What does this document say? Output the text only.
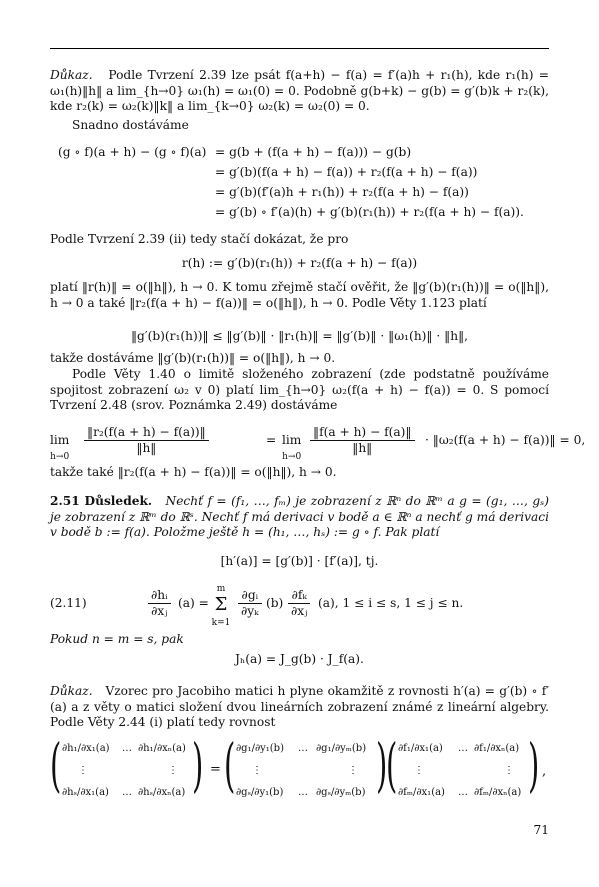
Důkaz. Podle Tvrzení 2.39 lze psát f(a+h) − f(a) = f′(a)h + r₁(h), kde r₁(h) = ω₁(h)‖h‖ a lim_{h→0} ω₁(h) = ω₁(0) = 0. Podobně g(b+k) − g(b) = g′(b)k + r₂(k), kde r₂(k) = ω₂(k)‖k‖ a lim_{k→0} ω₂(k) = ω₂(0) = 0.
Snadno dostáváme
(g ∘ f)(a + h) − (g ∘ f)(a) = g(b + (f(a + h) − f(a))) − g(b)
= g′(b)(f(a + h) − f(a)) + r₂(f(a + h) − f(a))
= g′(b)(f′(a)h + r₁(h)) + r₂(f(a + h) − f(a))
= g′(b) ∘ f′(a)(h) + g′(b)(r₁(h)) + r₂(f(a + h) − f(a)).
Podle Tvrzení 2.39 (ii) tedy stačí dokázat, že pro
r(h) := g′(b)(r₁(h)) + r₂(f(a + h) − f(a))
platí ‖r(h)‖ = o(‖h‖), h → 0. K tomu zřejmě stačí ověřit, že ‖g′(b)(r₁(h))‖ = o(‖h‖), h → 0 a také ‖r₂(f(a + h) − f(a))‖ = o(‖h‖), h → 0. Podle Věty 1.123 platí
‖g′(b)(r₁(h))‖ ≤ ‖g′(b)‖ · ‖r₁(h)‖ = ‖g′(b)‖ · ‖ω₁(h)‖ · ‖h‖,
takže dostáváme ‖g′(b)(r₁(h))‖ = o(‖h‖), h → 0.
Podle Věty 1.40 o limitě složeného zobrazení (zde podstatně používáme spojitost zobrazení ω₂ v 0) platí lim_{h→0} ω₂(f(a + h) − f(a)) = 0. S pomocí Tvrzení 2.48 (srov. Poznámka 2.49) dostáváme
lim
h→0
$\frac{\text{‖r₂(f(a + h) − f(a))‖}}{‖h‖}$	= lim
h→0
$\frac{‖f(a + h) - f(a)‖}{‖h‖}$ · ‖ω₂(f(a + h) − f(a))‖ = 0,
takže také ‖r₂(f(a + h) − f(a))‖ = o(‖h‖), h → 0.
2.51 Důsledek. Nechť f = (f₁, …, fₘ) je zobrazení z ℝⁿ do ℝᵐ a g = (g₁, …, gₛ) je zobrazení z ℝᵐ do ℝˢ. Nechť f má derivaci v bodě a ∈ ℝⁿ a nechť g má derivaci v bodě b := f(a). Položme ještě h = (h₁, …, hₛ) := g ∘ f. Pak platí
[h′(a)] = [g′(b)] · [f′(a)], tj.
(2.11)	$\frac{\text{∂hᵢ}}{\text{∂xⱼ}} (a)$ =
m
Σ
k=1
$\frac{\text{∂gᵢ}}{\text{∂yₖ}} (b) \frac{\text{∂fₖ}}{\text{∂xⱼ}} (a)$, 1 ≤ i ≤ s, 1 ≤ j ≤ n.
Pokud n = m = s, pak
Jₕ(a) = J_g(b) · J_f(a).
Důkaz. Vzorec pro Jacobiho matici h plyne okamžitě z rovnosti h′(a) = g′(b) ∘ f′(a) a z věty o matici složení dvou lineárních zobrazení známé z lineární algebry. Podle Věty 2.44 (i) platí tedy rovnost
( ∂h₁/∂x₁(a) … ∂h₁/∂xₙ(a)
⋮	⋮
∂hₛ/∂x₁(a) … ∂hₛ/∂xₙ(a) ) = ( ∂g₁/∂y₁(b) … ∂g₁/∂yₘ(b)
⋮	⋮
∂gₛ/∂y₁(b) … ∂gₛ/∂yₘ(b) )
( ∂f₁/∂x₁(a) … ∂f₁/∂xₙ(a)
⋮	⋮
∂fₘ/∂x₁(a) … ∂fₘ/∂xₙ(a) ) ,
71
